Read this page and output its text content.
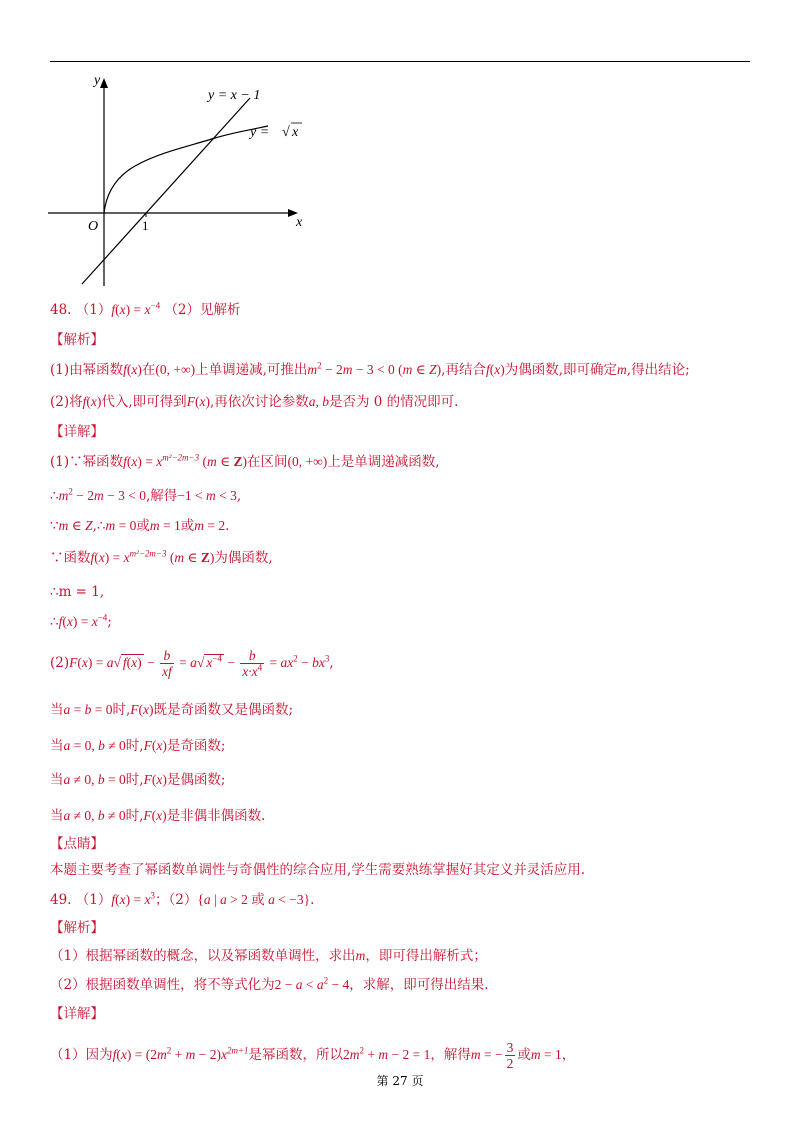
y
x
O	1
y = x − 1
y = √ x
48. $(1)f(x) = x^{-4}$ （2）见解析
【解析】
(1)由幂函数f(x)在(0, +∞)上单调递减,可推出$m^2 - 2m - 3 < 0$ (m ∈ Z),再结合f(x)为偶函数,即可确定m,得出结论;
(2)将f(x)代入,即可得到F(x),再依次讨论参数a, b是否为 0 的情况即可.
【详解】
(1)∵幂函数$f(x) = x^{m^2-2m-3}$ (m ∈ Z)在区间(0, +∞)上是单调递减函数,
$\therefore m^2 - 2m - 3 < 0$,解得−1 < m < 3,
∵m ∈ Z,∴m = 0或m = 1或m = 2.
∵函数$f(x) = x^{m^2-2m-3}$ (m ∈ Z)为偶函数,
∴m = 1,
∴f(x) = $x^{-4}$;
(2)F(x) = a√ $f(x) - \frac{b}{xf} = a√$ $x^{-4} - \frac{b}{x\cdot x^4} = ax^2 - bx^3$,
当a = b = 0时,F(x)既是奇函数又是偶函数;
当a = 0, b ≠ 0时,F(x)是奇函数;
当a ≠ 0, b = 0时,F(x)是偶函数;
当a ≠ 0, b ≠ 0时,F(x)是非偶非偶函数.
【点睛】
本题主要考查了幂函数单调性与奇偶性的综合应用,学生需要熟练掌握好其定义并灵活应用.
49. $(1)f(x) = x^3$；（2）{a | a > 2 或 a < −3}.
【解析】
（1）根据幂函数的概念，以及幂函数单调性，求出m，即可得出解析式；
（2）根据函数单调性，将不等式化为$2 - a < a^2 - 4$，求解，即可得出结果.
【详解】
（1）因为$f(x) = (2m^2 + m - 2)x^{2m+1}$是幂函数，所以$2m^2 + m - 2 = 1$，解得m = − $\frac{3}{2}$ 或m = 1，
第 27 页
